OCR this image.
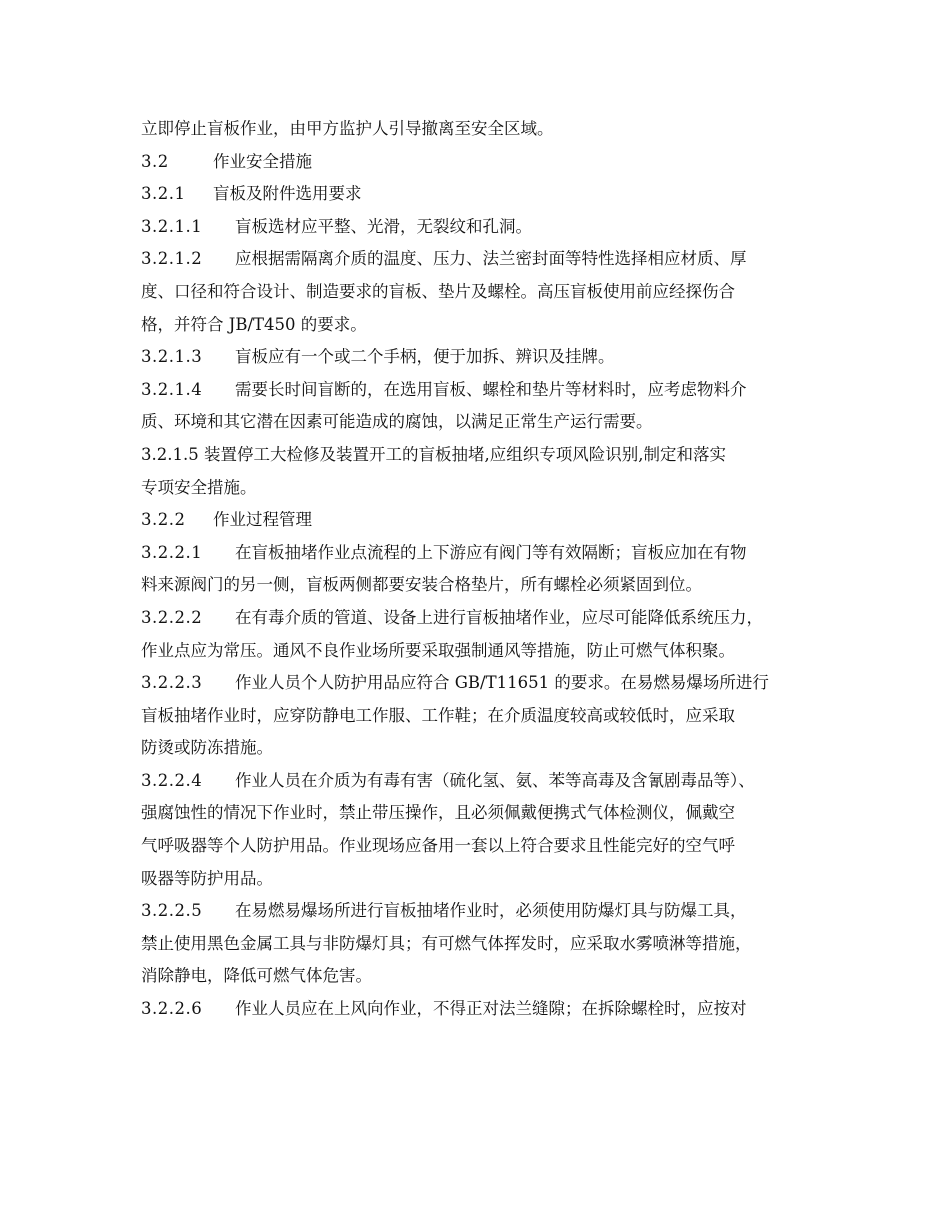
立即停止盲板作业，由甲方监护人引导撤离至安全区域。
3.2	作业安全措施
3.2.1 盲板及附件选用要求
3.2.1.1 盲板选材应平整、光滑，无裂纹和孔洞。
3.2.1.2 应根据需隔离介质的温度、压力、法兰密封面等特性选择相应材质、厚
度、口径和符合设计、制造要求的盲板、垫片及螺栓。高压盲板使用前应经探伤合
格，并符合 JB/T450 的要求。
3.2.1.3 盲板应有一个或二个手柄，便于加拆、辨识及挂牌。
3.2.1.4 需要长时间盲断的，在选用盲板、螺栓和垫片等材料时，应考虑物料介
质、环境和其它潜在因素可能造成的腐蚀，以满足正常生产运行需要。
3.2.1.5 装置停工大检修及装置开工的盲板抽堵,应组织专项风险识别,制定和落实
专项安全措施。
3.2.2 作业过程管理
3.2.2.1 在盲板抽堵作业点流程的上下游应有阀门等有效隔断；盲板应加在有物
料来源阀门的另一侧，盲板两侧都要安装合格垫片，所有螺栓必须紧固到位。
3.2.2.2 在有毒介质的管道、设备上进行盲板抽堵作业，应尽可能降低系统压力，
作业点应为常压。通风不良作业场所要采取强制通风等措施，防止可燃气体积聚。
3.2.2.3 作业人员个人防护用品应符合 GB/T11651 的要求。在易燃易爆场所进行
盲板抽堵作业时，应穿防静电工作服、工作鞋；在介质温度较高或较低时，应采取
防烫或防冻措施。
3.2.2.4 作业人员在介质为有毒有害（硫化氢、氨、苯等高毒及含氰剧毒品等）、
强腐蚀性的情况下作业时，禁止带压操作，且必须佩戴便携式气体检测仪，佩戴空
气呼吸器等个人防护用品。作业现场应备用一套以上符合要求且性能完好的空气呼
吸器等防护用品。
3.2.2.5 在易燃易爆场所进行盲板抽堵作业时，必须使用防爆灯具与防爆工具，
禁止使用黑色金属工具与非防爆灯具；有可燃气体挥发时，应采取水雾喷淋等措施，
消除静电，降低可燃气体危害。
3.2.2.6 作业人员应在上风向作业，不得正对法兰缝隙；在拆除螺栓时，应按对
